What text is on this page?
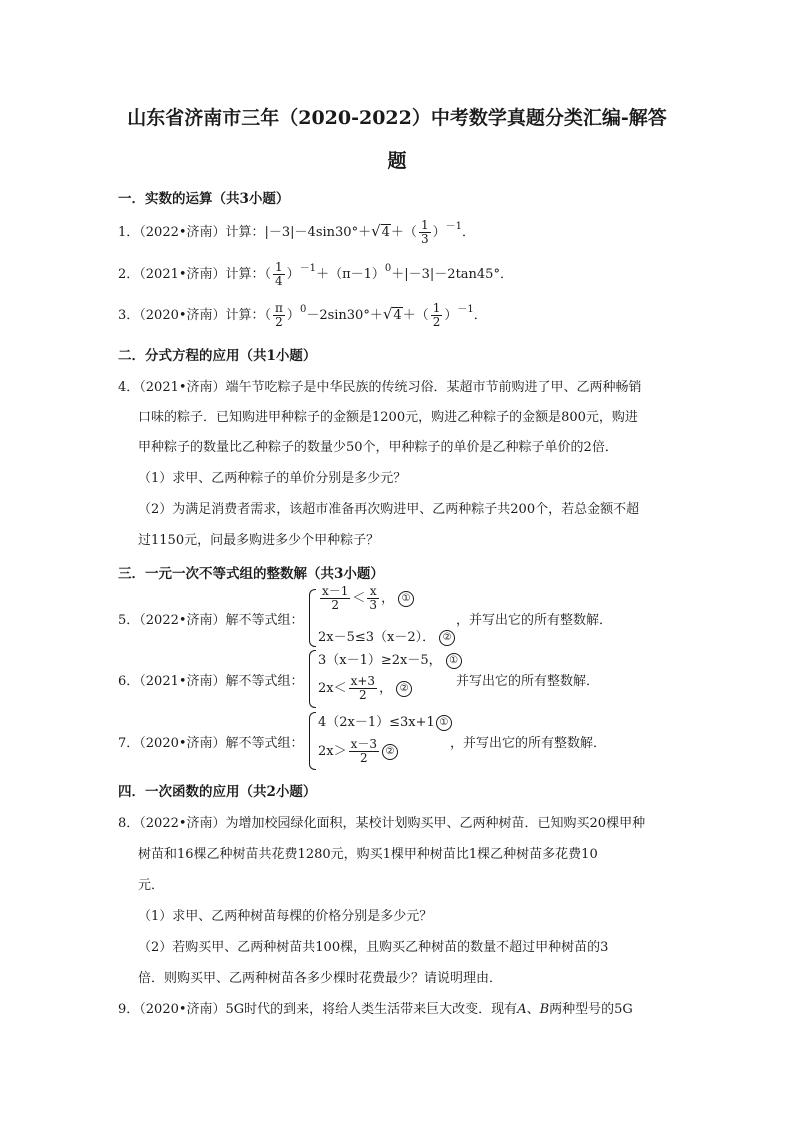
山东省济南市三年（2020-2022）中考数学真题分类汇编-解答
题
一．实数的运算（共3小题）
1．（2022•济南）计算：$|-3|-4\sin 30^\circ+√4+( \frac{1}{3} )^{-1}$．
2．（2021•济南）计算：（ $\frac{1}{4} )^{-1}+(\pi-1)^0+|-3|-2\tan 45^\circ$．
3．（2020•济南）计算：（ $\frac{\pi}{2} )^0-2\sin 30^\circ+√4+( \frac{1}{2} )^{-1}$．
二．分式方程的应用（共1小题）
4．（2021•济南）端午节吃粽子是中华民族的传统习俗．某超市节前购进了甲、乙两种畅销
口味的粽子．已知购进甲种粽子的金额是1200元，购进乙种粽子的金额是800元，购进
甲种粽子的数量比乙种粽子的数量少50个，甲种粽子的单价是乙种粽子单价的2倍．
（1）求甲、乙两种粽子的单价分别是多少元？
（2）为满足消费者需求，该超市准备再次购进甲、乙两种粽子共200个，若总金额不超
过1150元，问最多购进多少个甲种粽子？
三．一元一次不等式组的整数解（共3小题）
5．（2022•济南）解不等式组：
$\frac{x-1}{2} < \frac{x}{3}$ ， ①
2x－5≤3（x－2）． ②
，并写出它的所有整数解．
6．（2021•济南）解不等式组：
3（x－1）≥2x－5， ①
$2x< \frac{x+3}{2}$ ， ②	并写出它的所有整数解．
7．（2020•济南）解不等式组：
4（2x－1）≤3x+1 ①
$2x> \frac{x-3}{2}$ ②	，并写出它的所有整数解．
四．一次函数的应用（共2小题）
8．（2022•济南）为增加校园绿化面积，某校计划购买甲、乙两种树苗．已知购买20棵甲种
树苗和16棵乙种树苗共花费1280元，购买1棵甲种树苗比1棵乙种树苗多花费10
元．
（1）求甲、乙两种树苗每棵的价格分别是多少元？
（2）若购买甲、乙两种树苗共100棵，且购买乙种树苗的数量不超过甲种树苗的3
倍．则购买甲、乙两种树苗各多少棵时花费最少？请说明理由．
9．（2020•济南）5G时代的到来，将给人类生活带来巨大改变．现有A、B两种型号的5G
